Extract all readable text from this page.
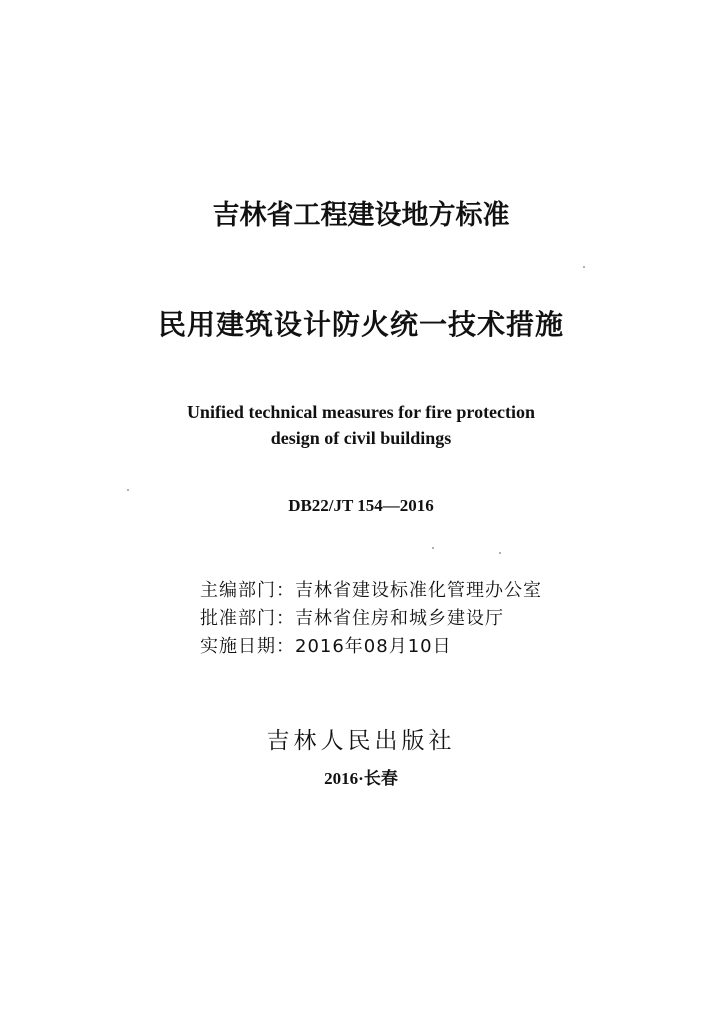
吉林省工程建设地方标准
民用建筑设计防火统一技术措施
Unified technical measures for fire protection
design of civil buildings
DB22/JT 154—2016
主编部门：吉林省建设标准化管理办公室
批准部门：吉林省住房和城乡建设厅
实施日期：2016年08月10日
吉林人民出版社
2016·长春
